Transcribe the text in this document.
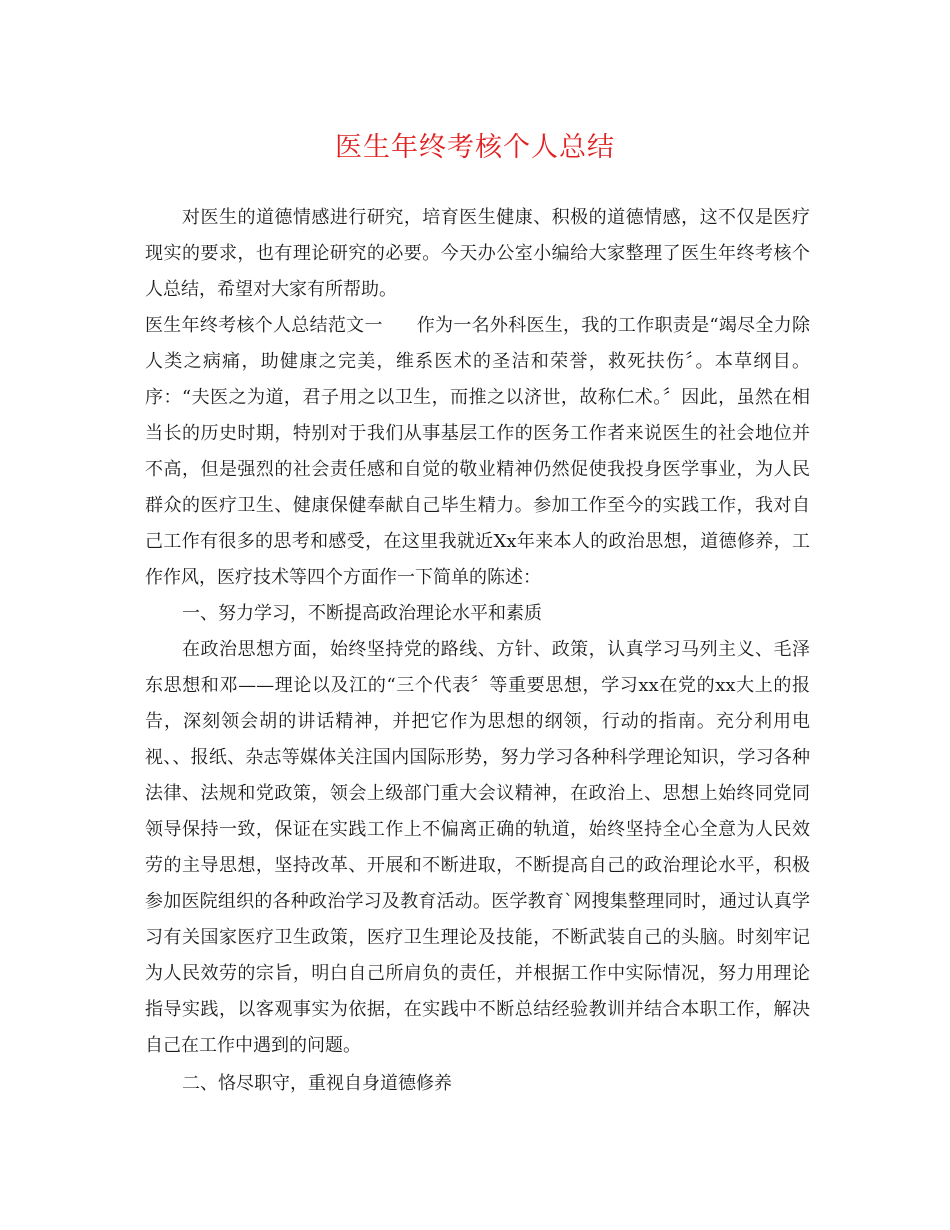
医生年终考核个人总结

对医生的道德情感进行研究，培育医生健康、积极的道德情感，这不仅是医疗现实的要求，也有理论研究的必要。今天办公室小编给大家整理了医生年终考核个人总结，希望对大家有所帮助。

医生年终考核个人总结范文一 作为一名外科医生，我的工作职责是“竭尽全力除人类之病痛，助健康之完美，维系医术的圣洁和荣誉，救死扶伤〞。本草纲目。序：“夫医之为道，君子用之以卫生，而推之以济世，故称仁术。〞因此，虽然在相当长的历史时期，特别对于我们从事基层工作的医务工作者来说医生的社会地位并不高，但是强烈的社会责任感和自觉的敬业精神仍然促使我投身医学事业，为人民群众的医疗卫生、健康保健奉献自己毕生精力。参加工作至今的实践工作，我对自己工作有很多的思考和感受，在这里我就近Xx年来本人的政治思想，道德修养，工作作风，医疗技术等四个方面作一下简单的陈述：

一、努力学习，不断提高政治理论水平和素质

在政治思想方面，始终坚持党的路线、方针、政策，认真学习马列主义、毛泽东思想和邓——理论以及江的“三个代表〞等重要思想，学习xx在党的xx大上的报告，深刻领会胡的讲话精神，并把它作为思想的纲领，行动的指南。充分利用电视、、报纸、杂志等媒体关注国内国际形势，努力学习各种科学理论知识，学习各种法律、法规和党政策，领会上级部门重大会议精神，在政治上、思想上始终同党同领导保持一致，保证在实践工作上不偏离正确的轨道，始终坚持全心全意为人民效劳的主导思想，坚持改革、开展和不断进取，不断提高自己的政治理论水平，积极参加医院组织的各种政治学习及教育活动。医学教育`网搜集整理同时，通过认真学习有关国家医疗卫生政策，医疗卫生理论及技能，不断武装自己的头脑。时刻牢记为人民效劳的宗旨，明白自己所肩负的责任，并根据工作中实际情况，努力用理论指导实践，以客观事实为依据，在实践中不断总结经验教训并结合本职工作，解决自己在工作中遇到的问题。

二、恪尽职守，重视自身道德修养
